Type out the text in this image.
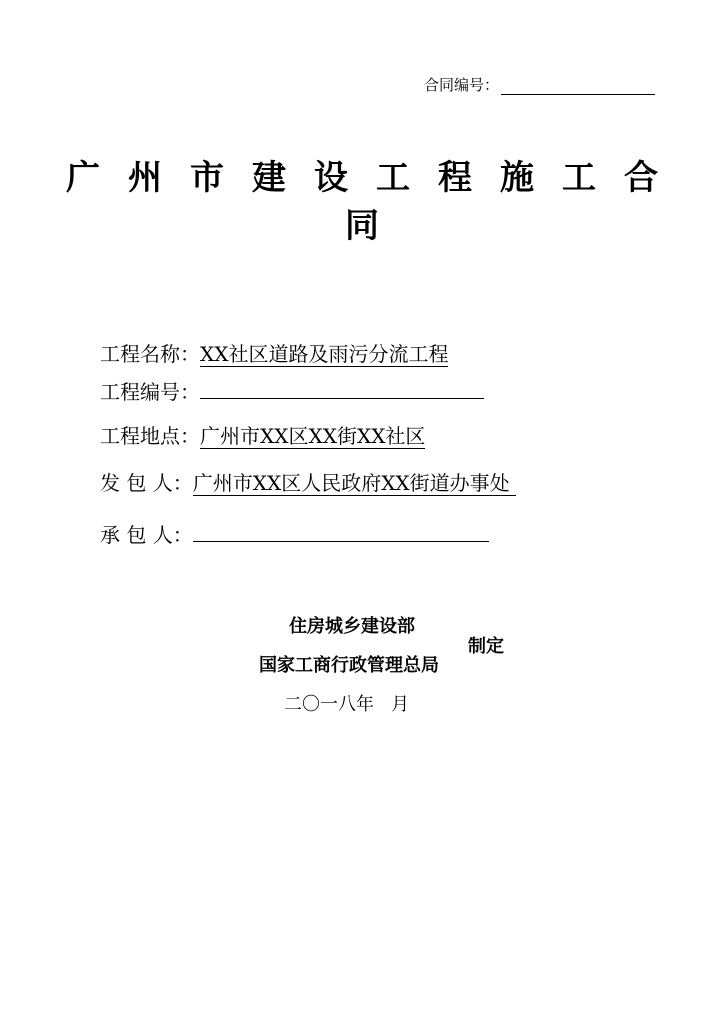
合同编号：
广州市建设工程施工合
同
工程名称：XX社区道路及雨污分流工程
工程编号：
工程地点：广州市XX区XX街XX社区
发 包 人：广州市XX区人民政府XX街道办事处
承 包 人：
住房城乡建设部
制定
国家工商行政管理总局
二〇一八年   月
